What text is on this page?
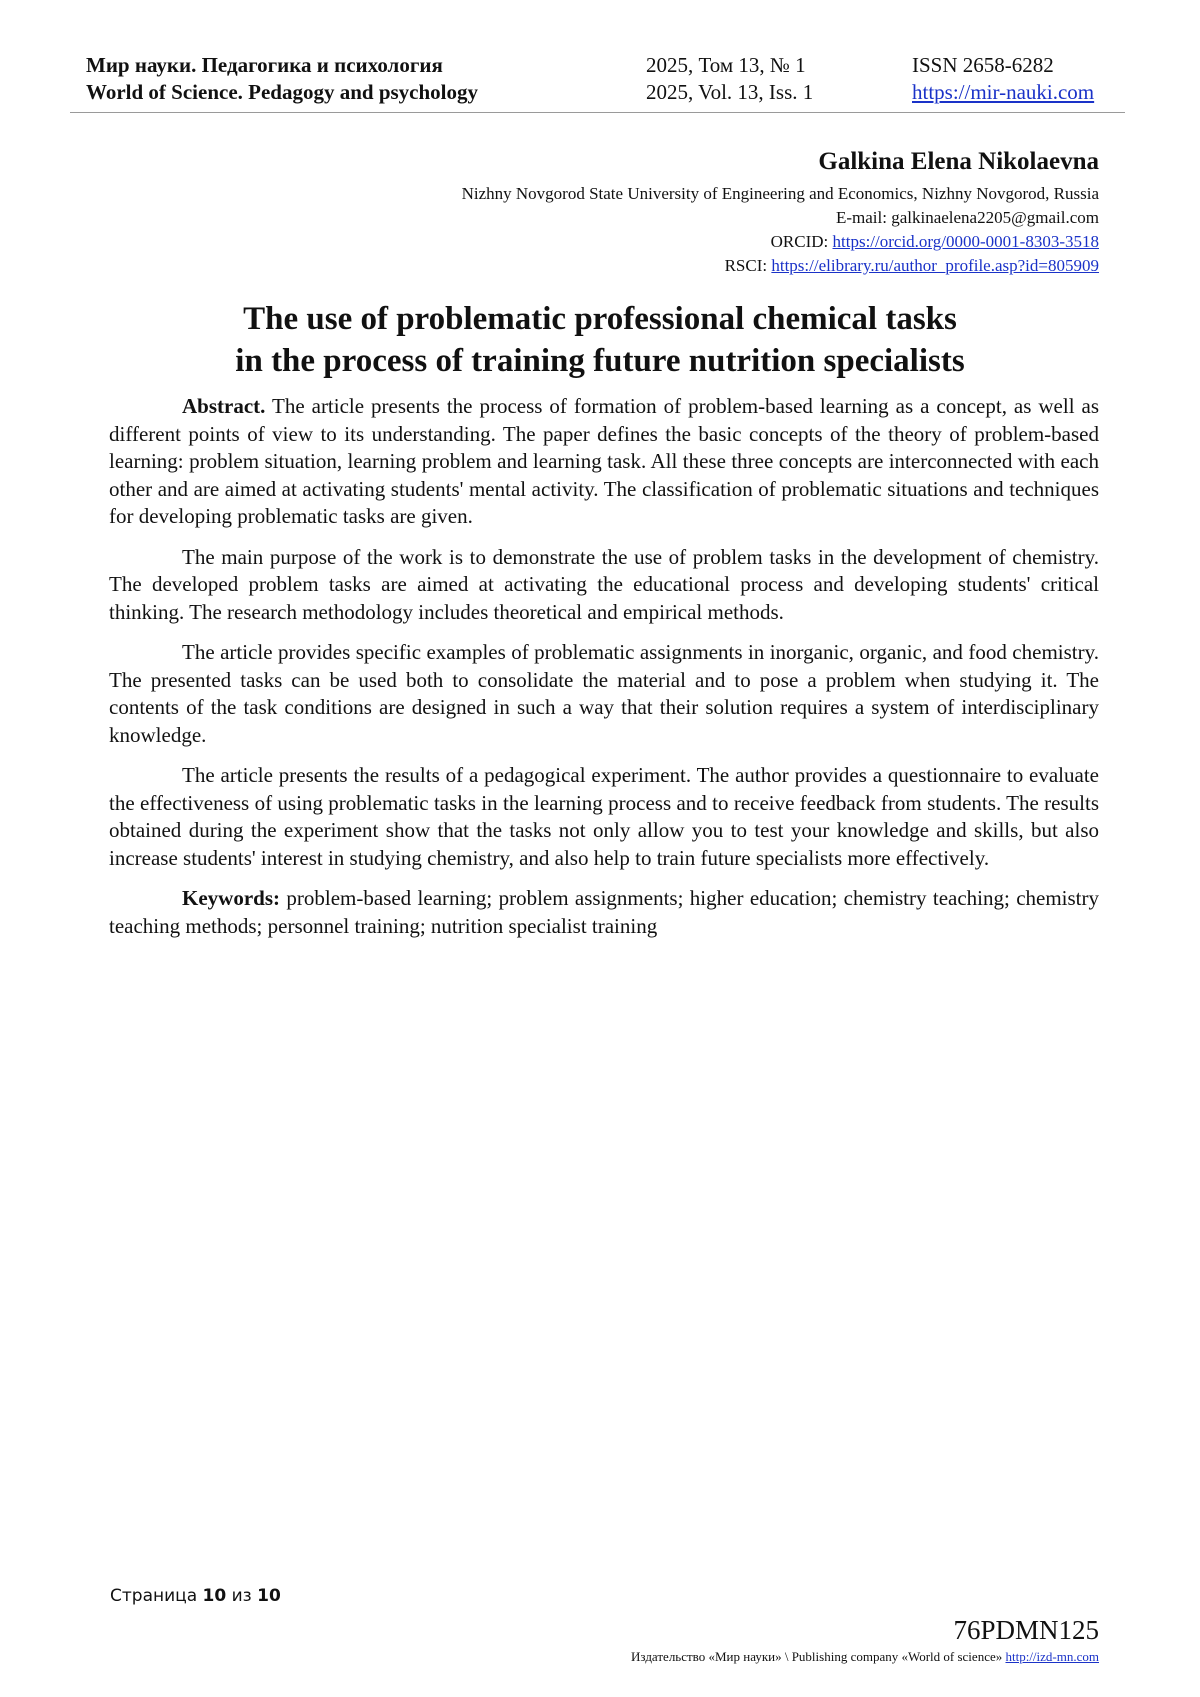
Мир науки. Педагогика и психология	2025, Том 13, № 1	ISSN 2658-6282
World of Science. Pedagogy and psychology	2025, Vol. 13, Iss. 1	https://mir-nauki.com
Galkina Elena Nikolaevna
Nizhny Novgorod State University of Engineering and Economics, Nizhny Novgorod, Russia
E-mail: galkinaelena2205@gmail.com
ORCID: https://orcid.org/0000-0001-8303-3518
RSCI: https://elibrary.ru/author_profile.asp?id=805909
The use of problematic professional chemical tasks
in the process of training future nutrition specialists

Abstract. The article presents the process of formation of problem-based learning as a concept, as well as different points of view to its understanding. The paper defines the basic concepts of the theory of problem-based learning: problem situation, learning problem and learning task. All these three concepts are interconnected with each other and are aimed at activating students' mental activity. The classification of problematic situations and techniques for developing problematic tasks are given.

The main purpose of the work is to demonstrate the use of problem tasks in the development of chemistry. The developed problem tasks are aimed at activating the educational process and developing students' critical thinking. The research methodology includes theoretical and empirical methods.

The article provides specific examples of problematic assignments in inorganic, organic, and food chemistry. The presented tasks can be used both to consolidate the material and to pose a problem when studying it. The contents of the task conditions are designed in such a way that their solution requires a system of interdisciplinary knowledge.

The article presents the results of a pedagogical experiment. The author provides a questionnaire to evaluate the effectiveness of using problematic tasks in the learning process and to receive feedback from students. The results obtained during the experiment show that the tasks not only allow you to test your knowledge and skills, but also increase students' interest in studying chemistry, and also help to train future specialists more effectively.

Keywords: problem-based learning; problem assignments; higher education; chemistry teaching; chemistry teaching methods; personnel training; nutrition specialist training

Страница 10 из 10
76PDMN125
Издательство «Мир науки» \ Publishing company «World of science» http://izd-mn.com
